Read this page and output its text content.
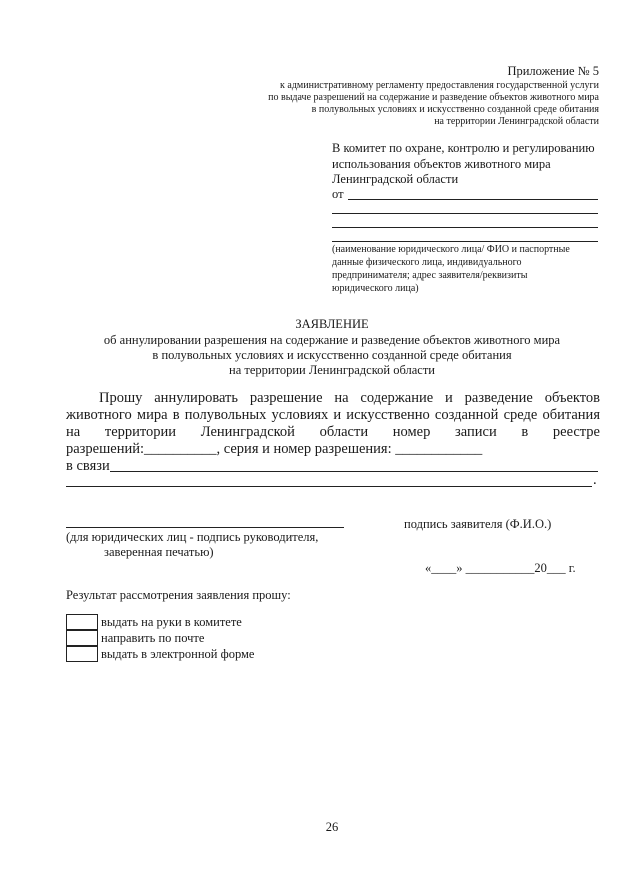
Приложение № 5
к административному регламенту предоставления государственной услуги
по выдаче разрешений на содержание и разведение объектов животного мира
в полувольных условиях и искусственно созданной среде обитания
на территории Ленинградской области
В комитет по охране, контролю и регулированию
использования объектов животного мира
Ленинградской области
от
(наименование юридического лица/ ФИО и паспортные
данные физического лица, индивидуального
предпринимателя; адрес заявителя/реквизиты
юридического лица)
ЗАЯВЛЕНИЕ
об аннулировании разрешения на содержание и разведение объектов животного мира
в полувольных условиях и искусственно созданной среде обитания
на территории Ленинградской области
Прошу аннулировать разрешение на содержание и разведение объектов
животного мира в полувольных условиях и искусственно созданной среде обитания
на территории Ленинградской области номер записи в реестре
разрешений:__________, серия и номер разрешения: ____________
в связи
.
(для юридических лиц - подпись руководителя,
заверенная печатью)
подпись заявителя (Ф.И.О.)
«____» ___________20___ г.
Результат рассмотрения заявления прошу:
выдать на руки в комитете
направить по почте
выдать в электронной форме
26
